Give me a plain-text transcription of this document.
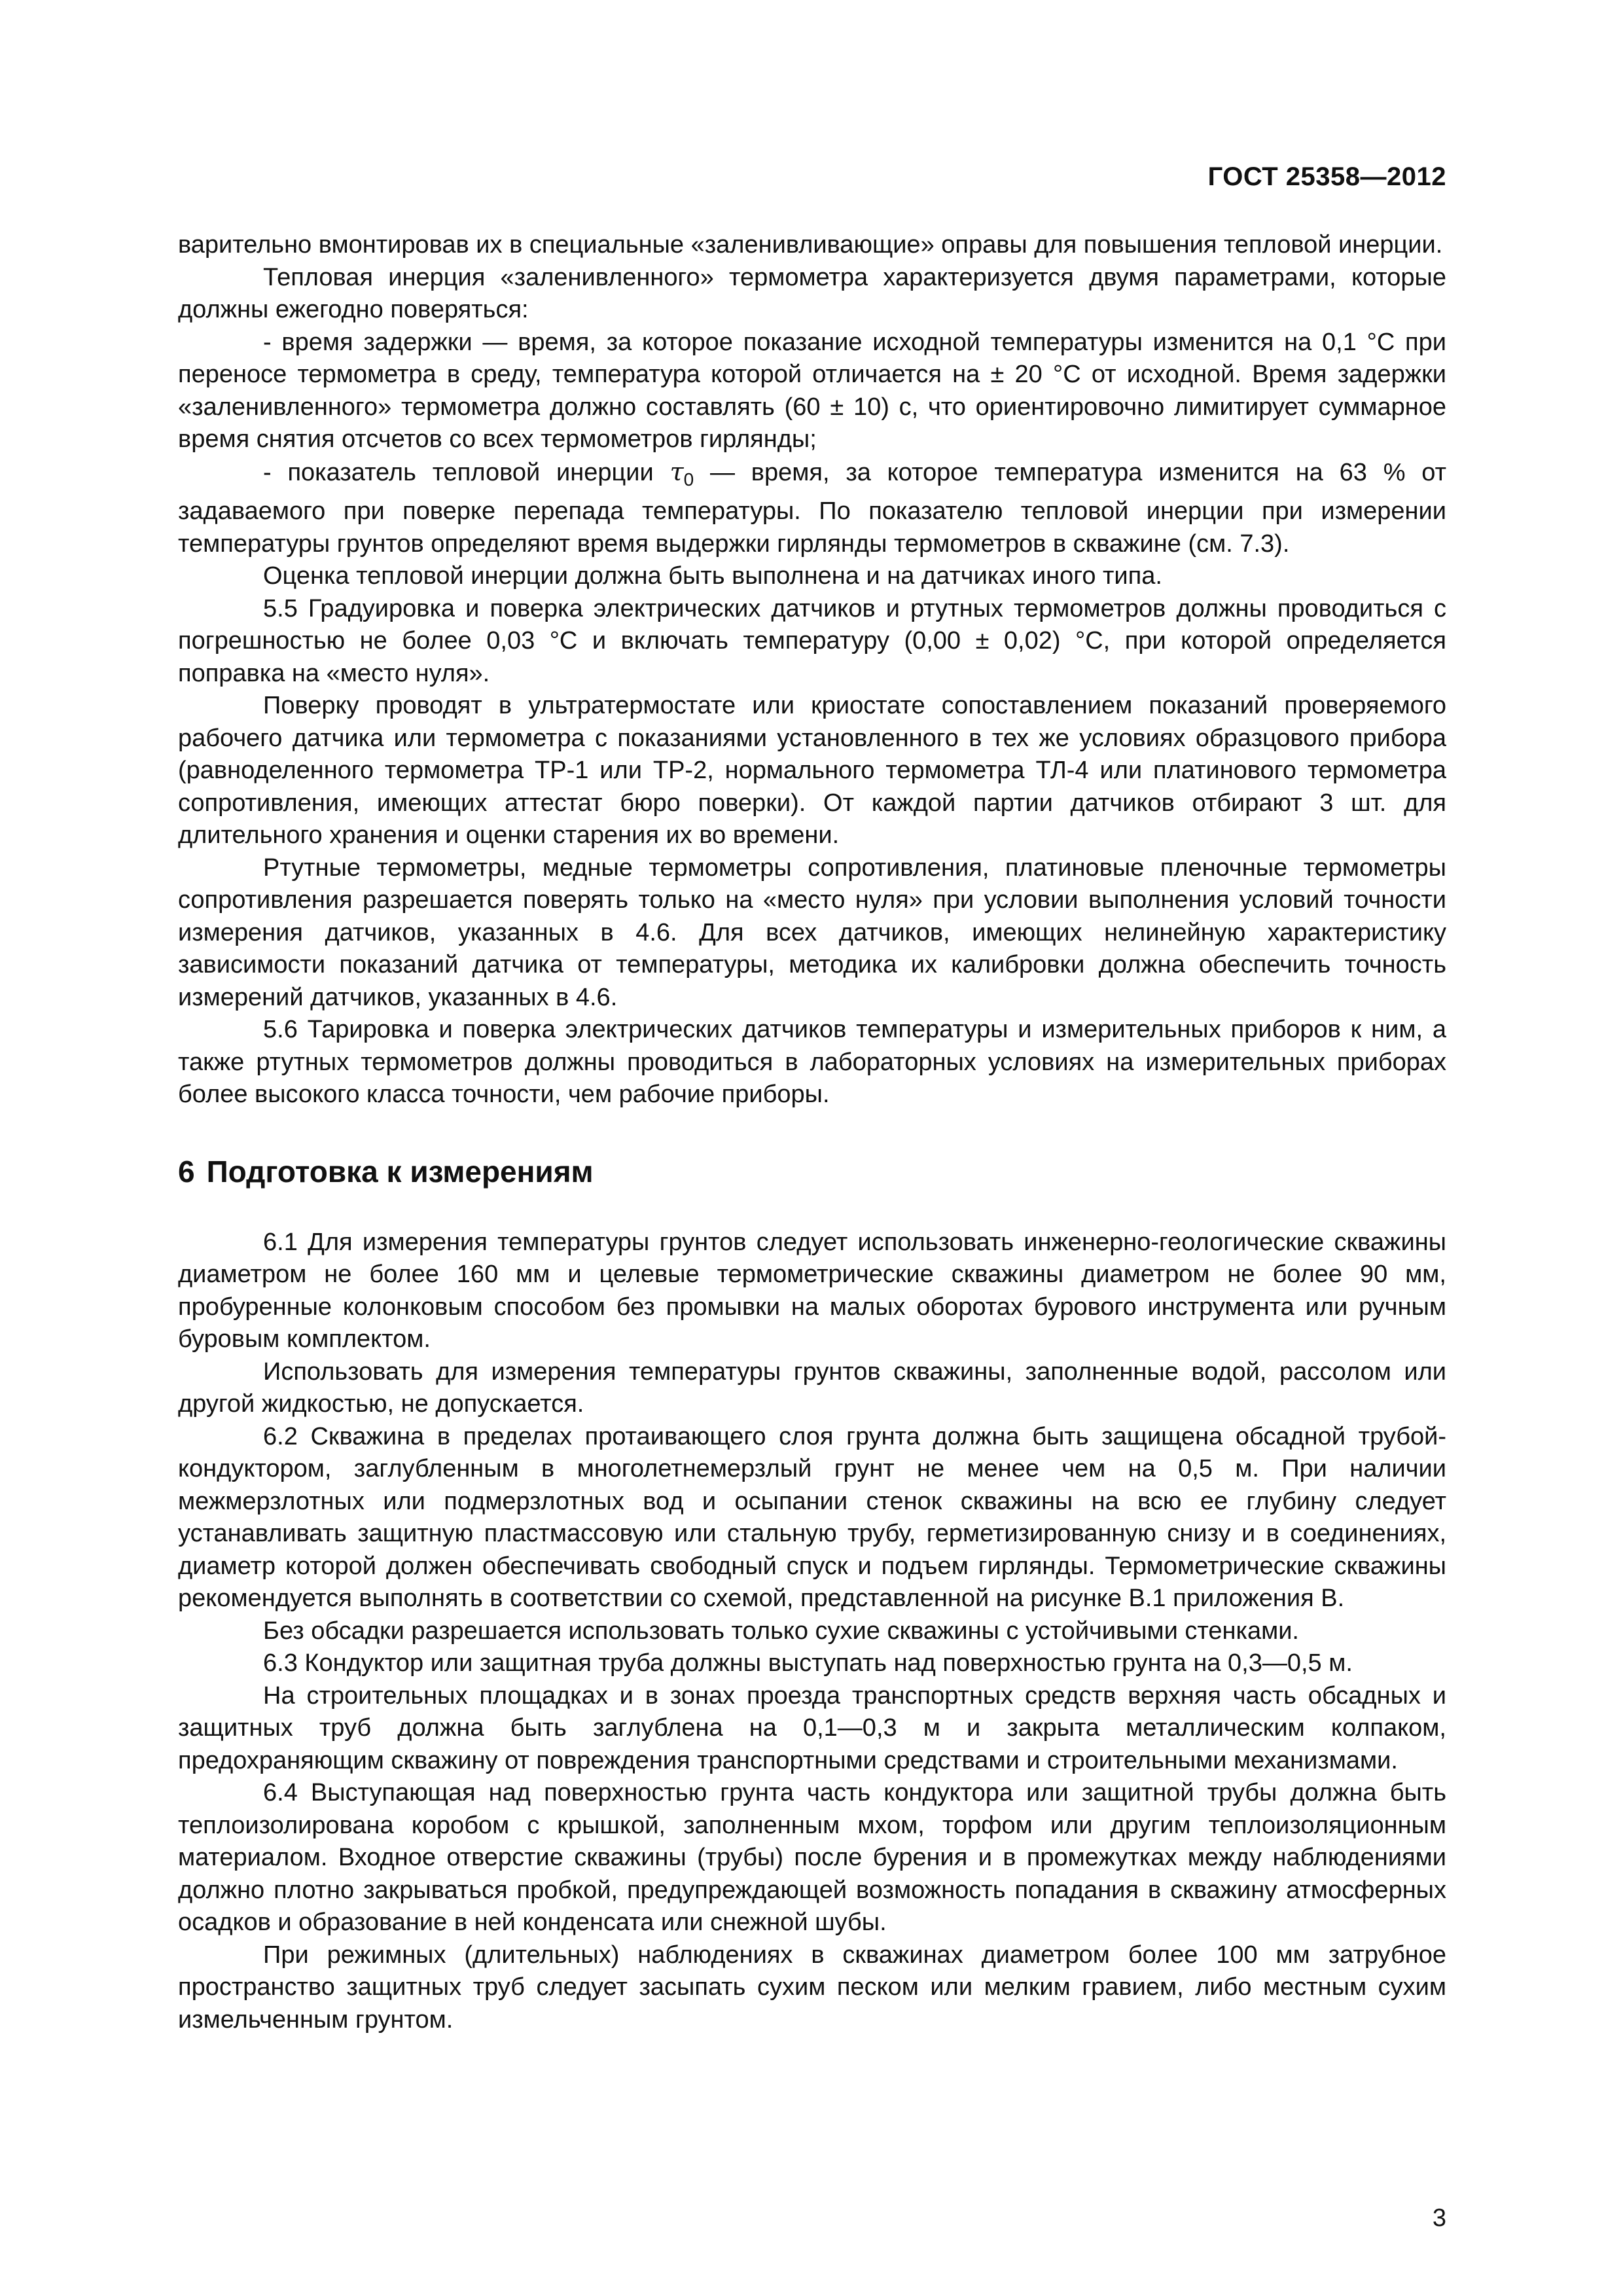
ГОСТ 25358—2012

варительно вмонтировав их в специальные «заленивливающие» оправы для повышения тепловой инерции.

Тепловая инерция «заленивленного» термометра характеризуется двумя параметрами, которые должны ежегодно поверяться:

- время задержки — время, за которое показание исходной температуры изменится на 0,1 °С при переносе термометра в среду, температура которой отличается на ± 20 °С от исходной. Время задержки «заленивленного» термометра должно составлять (60 ± 10) с, что ориентировочно лимитирует суммарное время снятия отсчетов со всех термометров гирлянды;

- показатель тепловой инерции $\tau_0$ — время, за которое температура изменится на 63 % от задаваемого при поверке перепада температуры. По показателю тепловой инерции при измерении температуры грунтов определяют время выдержки гирлянды термометров в скважине (см. 7.3).

Оценка тепловой инерции должна быть выполнена и на датчиках иного типа.

5.5 Градуировка и поверка электрических датчиков и ртутных термометров должны проводиться с погрешностью не более 0,03 °С и включать температуру (0,00 ± 0,02) °С, при которой определяется поправка на «место нуля».

Поверку проводят в ультратермостате или криостате сопоставлением показаний проверяемого рабочего датчика или термометра с показаниями установленного в тех же условиях образцового прибора (равноделенного термометра ТР-1 или ТР-2, нормального термометра ТЛ-4 или платинового термометра сопротивления, имеющих аттестат бюро поверки). От каждой партии датчиков отбирают 3 шт. для длительного хранения и оценки старения их во времени.

Ртутные термометры, медные термометры сопротивления, платиновые пленочные термометры сопротивления разрешается поверять только на «место нуля» при условии выполнения условий точности измерения датчиков, указанных в 4.6. Для всех датчиков, имеющих нелинейную характеристику зависимости показаний датчика от температуры, методика их калибровки должна обеспечить точность измерений датчиков, указанных в 4.6.

5.6 Тарировка и поверка электрических датчиков температуры и измерительных приборов к ним, а также ртутных термометров должны проводиться в лабораторных условиях на измерительных приборах более высокого класса точности, чем рабочие приборы.

6 Подготовка к измерениям

6.1 Для измерения температуры грунтов следует использовать инженерно-геологические скважины диаметром не более 160 мм и целевые термометрические скважины диаметром не более 90 мм, пробуренные колонковым способом без промывки на малых оборотах бурового инструмента или ручным буровым комплектом.

Использовать для измерения температуры грунтов скважины, заполненные водой, рассолом или другой жидкостью, не допускается.

6.2 Скважина в пределах протаивающего слоя грунта должна быть защищена обсадной трубой-кондуктором, заглубленным в многолетнемерзлый грунт не менее чем на 0,5 м. При наличии межмерзлотных или подмерзлотных вод и осыпании стенок скважины на всю ее глубину следует устанавливать защитную пластмассовую или стальную трубу, герметизированную снизу и в соединениях, диаметр которой должен обеспечивать свободный спуск и подъем гирлянды. Термометрические скважины рекомендуется выполнять в соответствии со схемой, представленной на рисунке В.1 приложения В.

Без обсадки разрешается использовать только сухие скважины с устойчивыми стенками.

6.3 Кондуктор или защитная труба должны выступать над поверхностью грунта на 0,3—0,5 м.

На строительных площадках и в зонах проезда транспортных средств верхняя часть обсадных и защитных труб должна быть заглублена на 0,1—0,3 м и закрыта металлическим колпаком, предохраняющим скважину от повреждения транспортными средствами и строительными механизмами.

6.4 Выступающая над поверхностью грунта часть кондуктора или защитной трубы должна быть теплоизолирована коробом с крышкой, заполненным мхом, торфом или другим теплоизоляционным материалом. Входное отверстие скважины (трубы) после бурения и в промежутках между наблюдениями должно плотно закрываться пробкой, предупреждающей возможность попадания в скважину атмосферных осадков и образование в ней конденсата или снежной шубы.

При режимных (длительных) наблюдениях в скважинах диаметром более 100 мм затрубное пространство защитных труб следует засыпать сухим песком или мелким гравием, либо местным сухим измельченным грунтом.

3
